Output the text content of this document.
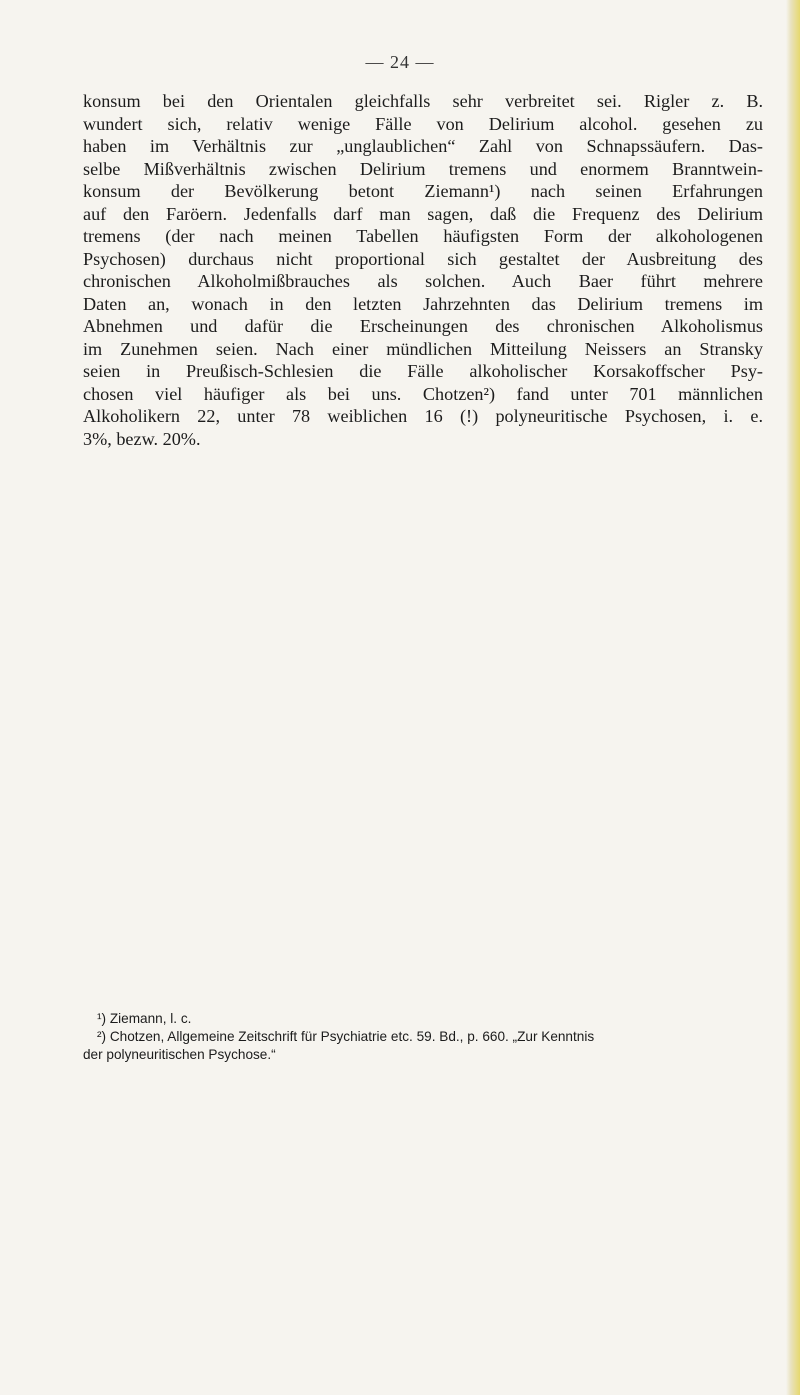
— 24 —
konsum bei den Orientalen gleichfalls sehr verbreitet sei. Rigler z. B.
wundert sich, relativ wenige Fälle von Delirium alcohol. gesehen zu
haben im Verhältnis zur „unglaublichen“ Zahl von Schnapssäufern. Das-
selbe Mißverhältnis zwischen Delirium tremens und enormem Branntwein-
konsum der Bevölkerung betont Ziemann¹) nach seinen Erfahrungen
auf den Faröern. Jedenfalls darf man sagen, daß die Frequenz des Delirium
tremens (der nach meinen Tabellen häufigsten Form der alkohologenen
Psychosen) durchaus nicht proportional sich gestaltet der Ausbreitung des
chronischen Alkoholmißbrauches als solchen. Auch Baer führt mehrere
Daten an, wonach in den letzten Jahrzehnten das Delirium tremens im
Abnehmen und dafür die Erscheinungen des chronischen Alkoholismus
im Zunehmen seien. Nach einer mündlichen Mitteilung Neissers an Stransky
seien in Preußisch-Schlesien die Fälle alkoholischer Korsakoffscher Psy-
chosen viel häufiger als bei uns. Chotzen²) fand unter 701 männlichen
Alkoholikern 22, unter 78 weiblichen 16 (!) polyneuritische Psychosen, i. e.
3%, bezw. 20%.
¹) Ziemann, l. c.
²) Chotzen, Allgemeine Zeitschrift für Psychiatrie etc. 59. Bd., p. 660. „Zur Kenntnis
der polyneuritischen Psychose.“
